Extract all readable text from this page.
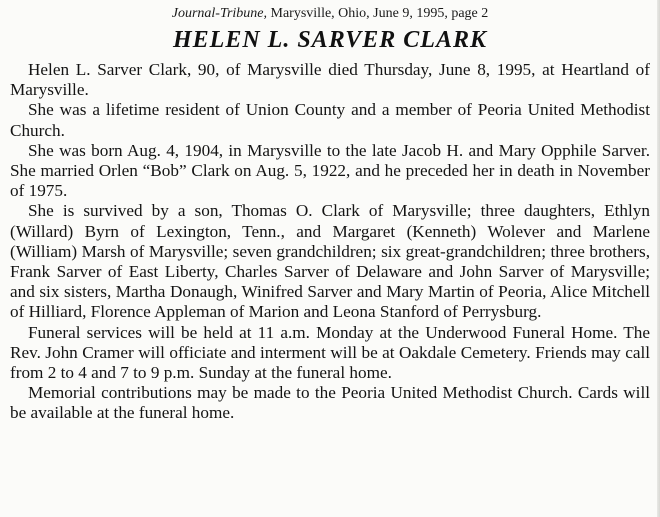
Journal-Tribune, Marysville, Ohio, June 9, 1995, page 2
HELEN L. SARVER CLARK

Helen L. Sarver Clark, 90, of Marysville died Thursday, June 8, 1995, at Heartland of Marysville.

She was a lifetime resident of Union County and a member of Peoria United Methodist Church.

She was born Aug. 4, 1904, in Marysville to the late Jacob H. and Mary Opphile Sarver. She married Orlen “Bob” Clark on Aug. 5, 1922, and he preceded her in death in November of 1975.

She is survived by a son, Thomas O. Clark of Marysville; three daughters, Ethlyn (Willard) Byrn of Lexington, Tenn., and Margaret (Kenneth) Wolever and Marlene (William) Marsh of Marysville; seven grandchildren; six great-grandchildren; three brothers, Frank Sarver of East Liberty, Charles Sarver of Delaware and John Sarver of Marysville; and six sisters, Martha Donaugh, Winifred Sarver and Mary Martin of Peoria, Alice Mitchell of Hilliard, Florence Appleman of Marion and Leona Stanford of Perrysburg.

Funeral services will be held at 11 a.m. Monday at the Underwood Funeral Home. The Rev. John Cramer will officiate and interment will be at Oakdale Cemetery. Friends may call from 2 to 4 and 7 to 9 p.m. Sunday at the funeral home.

Memorial contributions may be made to the Peoria United Methodist Church. Cards will be available at the funeral home.
